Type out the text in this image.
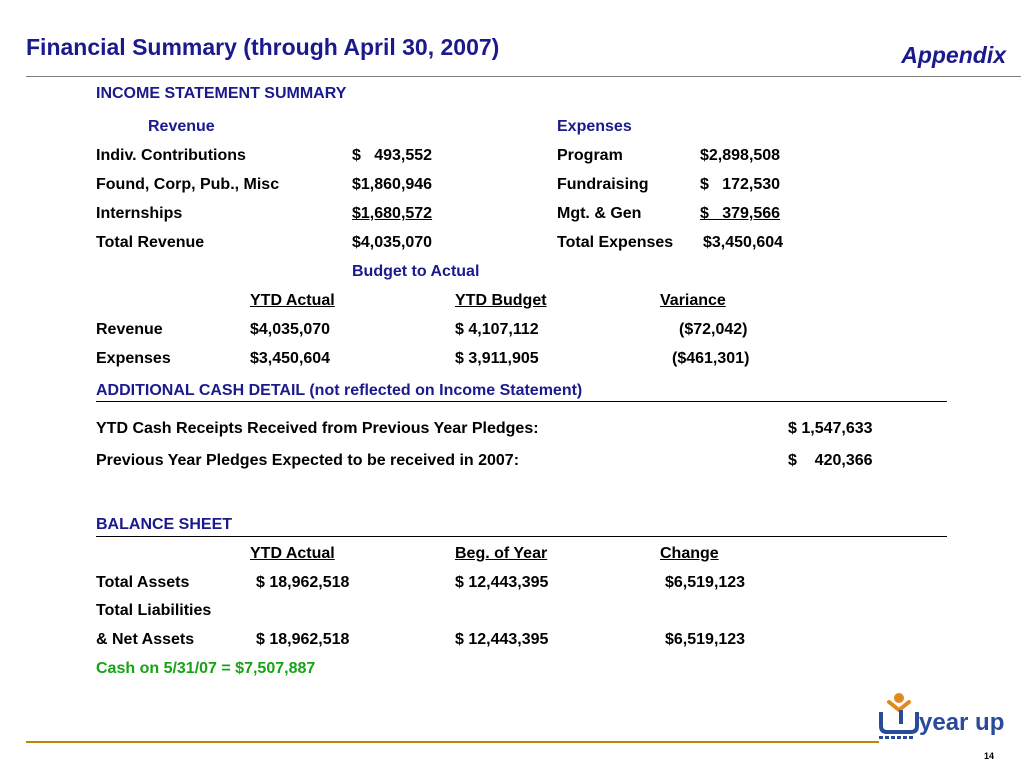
Financial Summary (through April 30, 2007)	Appendix
INCOME STATEMENT SUMMARY
Revenue	Expenses
Indiv. Contributions	$   493,552
Found, Corp, Pub., Misc	$1,860,946
Internships	$1,680,572
Total Revenue	$4,035,070
Program	$2,898,508
Fundraising	$   172,530
Mgt. & Gen	$   379,566
Total Expenses $3,450,604
Budget to Actual
YTD Actual	YTD Budget	Variance
Revenue	$4,035,070	$ 4,107,112	($72,042)
Expenses	$3,450,604	$ 3,911,905	($461,301)
ADDITIONAL CASH DETAIL (not reflected on Income Statement)
YTD Cash Receipts Received from Previous Year Pledges:	$ 1,547,633
Previous Year Pledges Expected to be received in 2007:	$    420,366
BALANCE SHEET
YTD Actual	Beg. of Year	Change
Total Assets	$ 18,962,518	$ 12,443,395	$6,519,123
Total Liabilities
& Net Assets	$ 18,962,518	$ 12,443,395	$6,519,123
Cash on 5/31/07 = $7,507,887
year up
14
